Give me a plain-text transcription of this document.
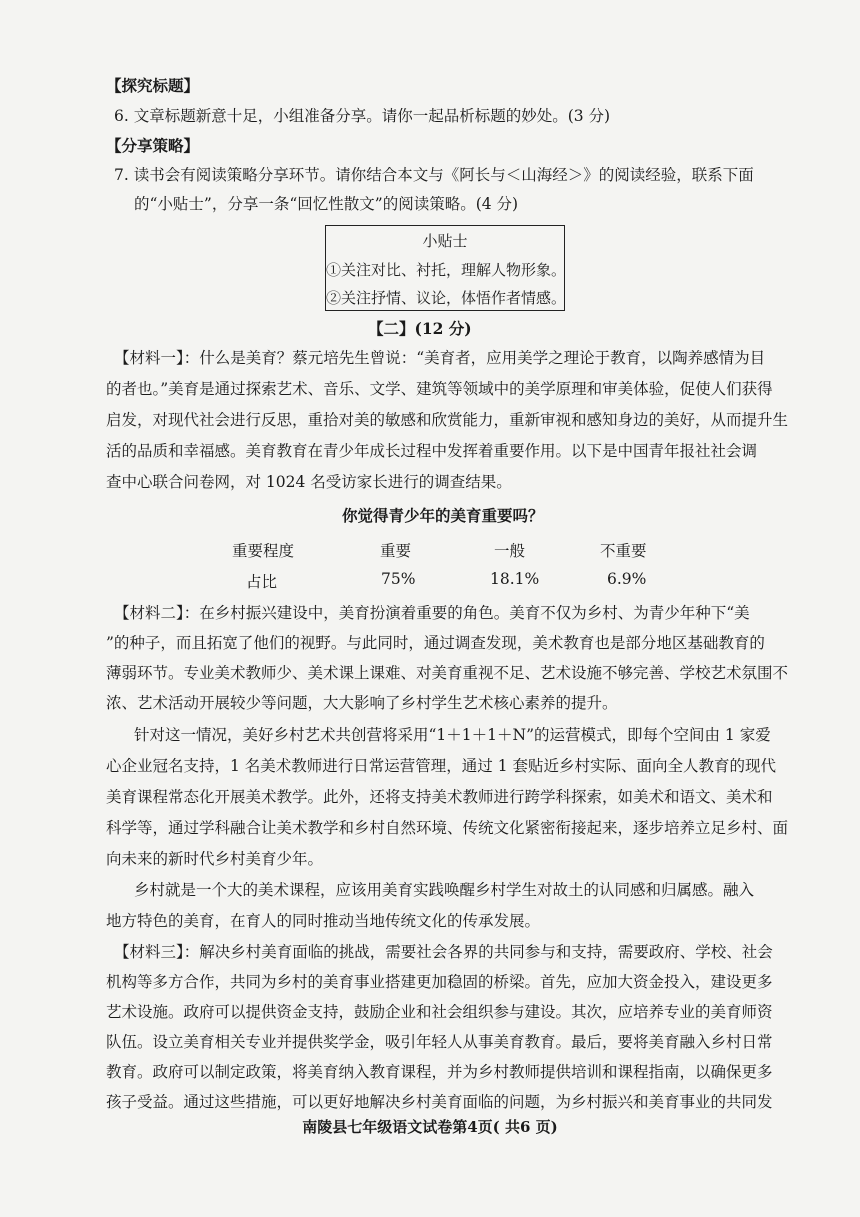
【探究标题】
6. 文章标题新意十足，小组准备分享。请你一起品析标题的妙处。(3 分)
【分享策略】
7. 读书会有阅读策略分享环节。请你结合本文与《阿长与＜山海经＞》的阅读经验，联系下面
的“小贴士”，分享一条“回忆性散文”的阅读策略。(4 分)
小贴士
①关注对比、衬托，理解人物形象。
②关注抒情、议论，体悟作者情感。
【二】(12 分)
【材料一】：什么是美育？蔡元培先生曾说：“美育者，应用美学之理论于教育，以陶养感情为目
的者也。”美育是通过探索艺术、音乐、文学、建筑等领域中的美学原理和审美体验，促使人们获得
启发，对现代社会进行反思，重拾对美的敏感和欣赏能力，重新审视和感知身边的美好，从而提升生
活的品质和幸福感。美育教育在青少年成长过程中发挥着重要作用。以下是中国青年报社社会调
查中心联合问卷网，对 1024 名受访家长进行的调查结果。
你觉得青少年的美育重要吗？
重要程度	重要	一般	不重要
占比	75%	18.1%	6.9%
【材料二】：在乡村振兴建设中，美育扮演着重要的角色。美育不仅为乡村、为青少年种下“美
”的种子，而且拓宽了他们的视野。与此同时，通过调查发现，美术教育也是部分地区基础教育的
薄弱环节。专业美术教师少、美术课上课难、对美育重视不足、艺术设施不够完善、学校艺术氛围不
浓、艺术活动开展较少等问题，大大影响了乡村学生艺术核心素养的提升。
针对这一情况，美好乡村艺术共创营将采用“1＋1＋1＋N”的运营模式，即每个空间由 1 家爱
心企业冠名支持，1 名美术教师进行日常运营管理，通过 1 套贴近乡村实际、面向全人教育的现代
美育课程常态化开展美术教学。此外，还将支持美术教师进行跨学科探索，如美术和语文、美术和
科学等，通过学科融合让美术教学和乡村自然环境、传统文化紧密衔接起来，逐步培养立足乡村、面
向未来的新时代乡村美育少年。
乡村就是一个大的美术课程，应该用美育实践唤醒乡村学生对故土的认同感和归属感。融入
地方特色的美育，在育人的同时推动当地传统文化的传承发展。
【材料三】：解决乡村美育面临的挑战，需要社会各界的共同参与和支持，需要政府、学校、社会
机构等多方合作，共同为乡村的美育事业搭建更加稳固的桥梁。首先，应加大资金投入，建设更多
艺术设施。政府可以提供资金支持，鼓励企业和社会组织参与建设。其次，应培养专业的美育师资
队伍。设立美育相关专业并提供奖学金，吸引年轻人从事美育教育。最后，要将美育融入乡村日常
教育。政府可以制定政策，将美育纳入教育课程，并为乡村教师提供培训和课程指南，以确保更多
孩子受益。通过这些措施，可以更好地解决乡村美育面临的问题，为乡村振兴和美育事业的共同发
南陵县七年级语文试卷第4页( 共6 页)
